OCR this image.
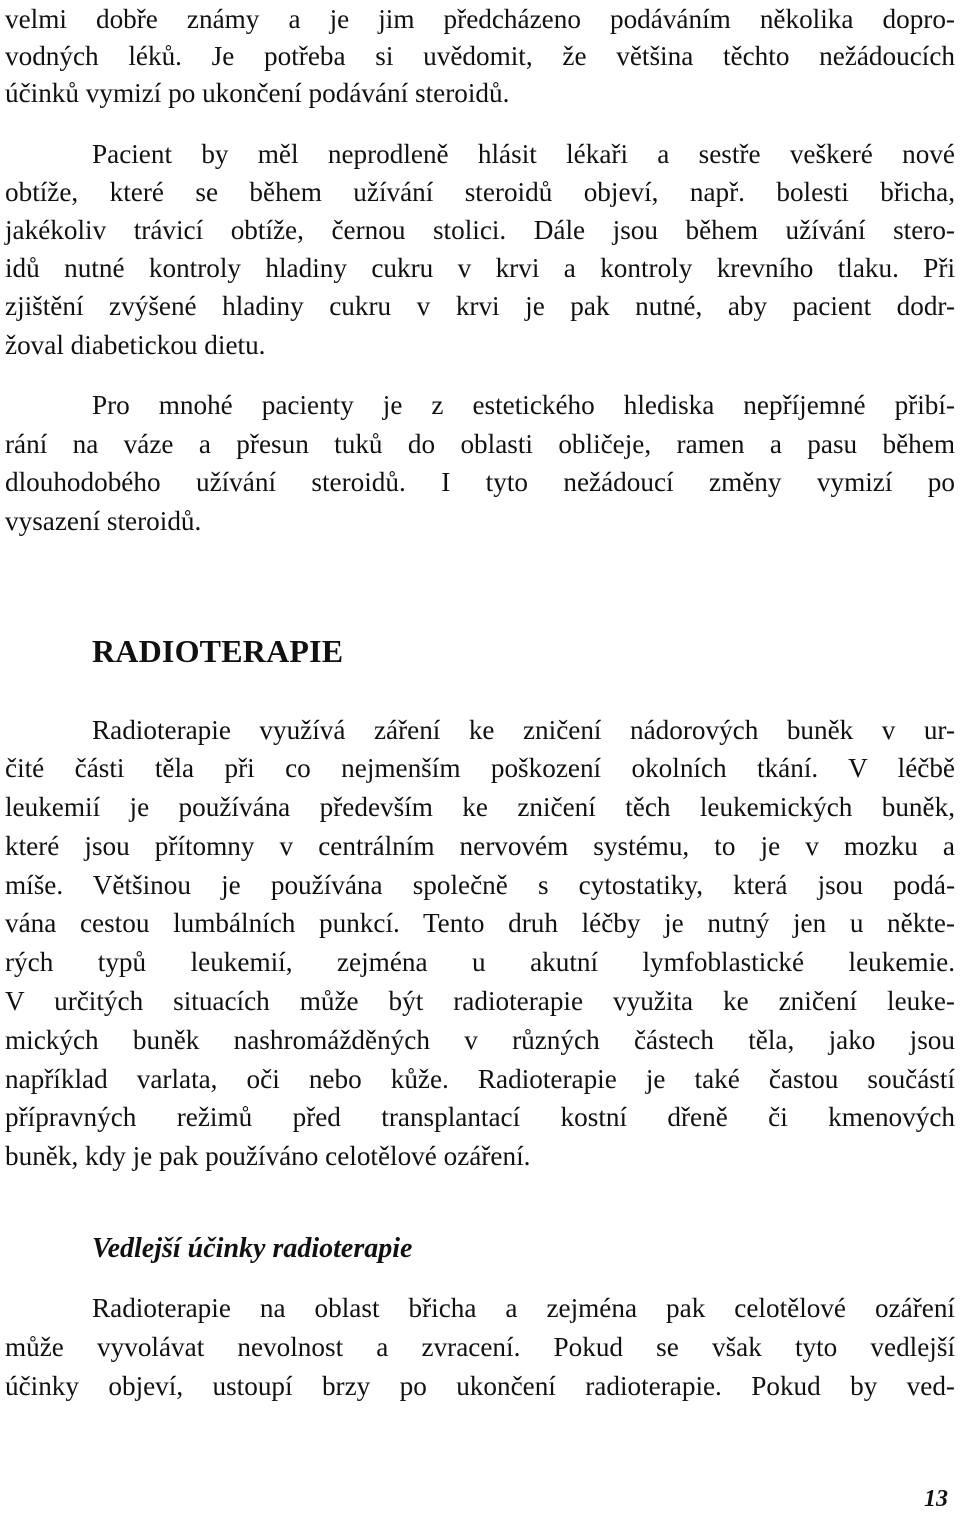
velmi dobře známy a je jim předcházeno podáváním několika dopro-
vodných léků. Je potřeba si uvědomit, že většina těchto nežádoucích
účinků vymizí po ukončení podávání steroidů.
Pacient by měl neprodleně hlásit lékaři a sestře veškeré nové
obtíže, které se během užívání steroidů objeví, např. bolesti břicha,
jakékoliv trávicí obtíže, černou stolici. Dále jsou během užívání stero-
idů nutné kontroly hladiny cukru v krvi a kontroly krevního tlaku. Při
zjištění zvýšené hladiny cukru v krvi je pak nutné, aby pacient dodr-
žoval diabetickou dietu.
Pro mnohé pacienty je z estetického hlediska nepříjemné přibí-
rání na váze a přesun tuků do oblasti obličeje, ramen a pasu během
dlouhodobého užívání steroidů. I tyto nežádoucí změny vymizí po
vysazení steroidů.
RADIOTERAPIE
Radioterapie využívá záření ke zničení nádorových buněk v ur-
čité části těla při co nejmenším poškození okolních tkání. V léčbě
leukemií je používána především ke zničení těch leukemických buněk,
které jsou přítomny v centrálním nervovém systému, to je v mozku a
míše. Většinou je používána společně s cytostatiky, která jsou podá-
vána cestou lumbálních punkcí. Tento druh léčby je nutný jen u někte-
rých typů leukemií, zejména u akutní lymfoblastické leukemie.
V určitých situacích může být radioterapie využita ke zničení leuke-
mických buněk nashromážděných v různých částech těla, jako jsou
například varlata, oči nebo kůže. Radioterapie je také častou součástí
přípravných režimů před transplantací kostní dřeně či kmenových
buněk, kdy je pak používáno celotělové ozáření.
Vedlejší účinky radioterapie
Radioterapie na oblast břicha a zejména pak celotělové ozáření
může vyvolávat nevolnost a zvracení. Pokud se však tyto vedlejší
účinky objeví, ustoupí brzy po ukončení radioterapie. Pokud by ved-
13
